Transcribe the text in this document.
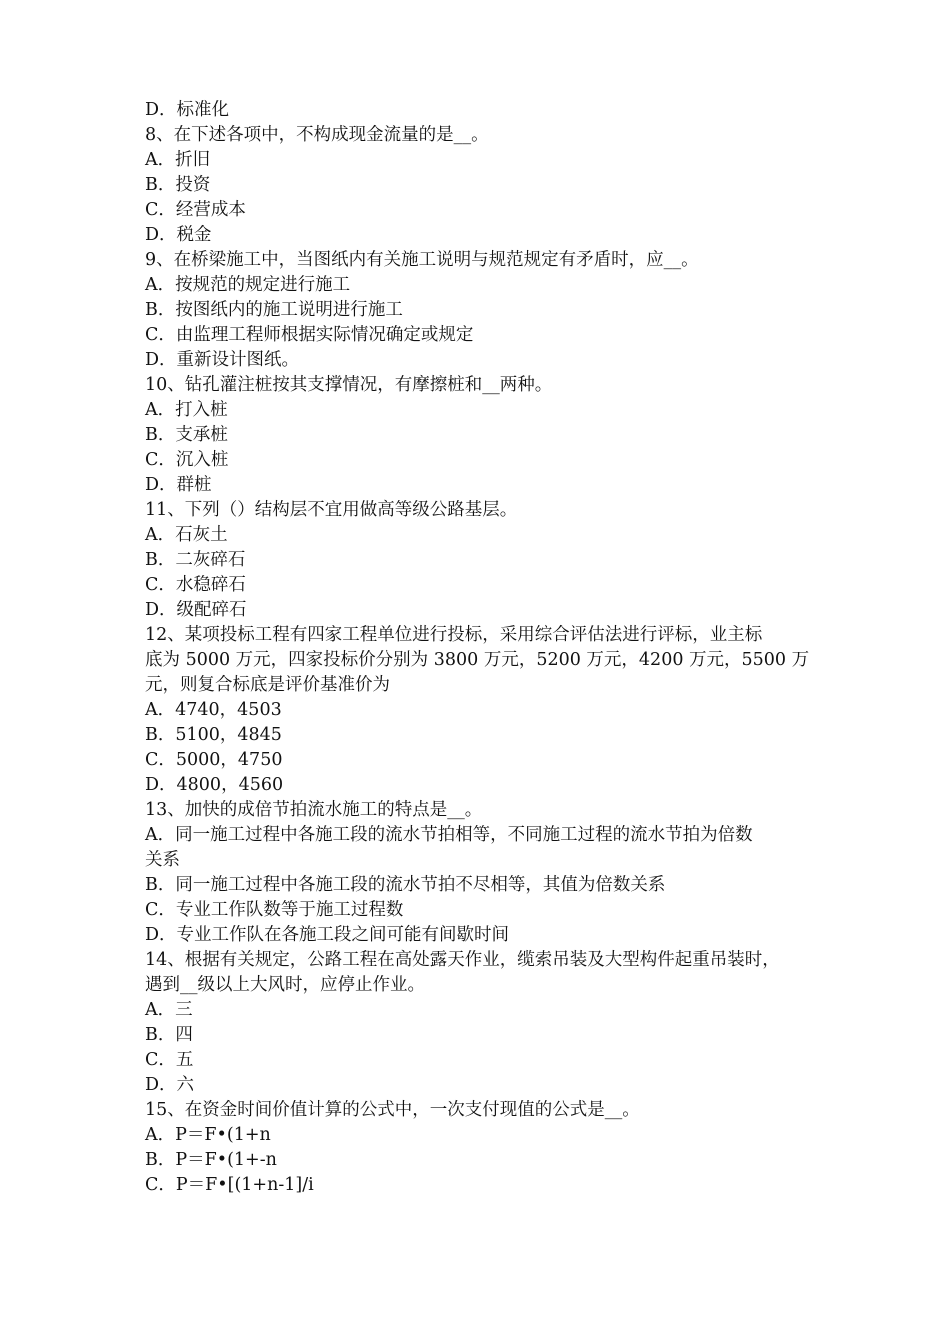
D．标准化
8、在下述各项中，不构成现金流量的是__。
A．折旧
B．投资
C．经营成本
D．税金
9、在桥梁施工中，当图纸内有关施工说明与规范规定有矛盾时，应__。
A．按规范的规定进行施工
B．按图纸内的施工说明进行施工
C．由监理工程师根据实际情况确定或规定
D．重新设计图纸。
10、钻孔灌注桩按其支撑情况，有摩擦桩和__两种。
A．打入桩
B．支承桩
C．沉入桩
D．群桩
11、下列（）结构层不宜用做高等级公路基层。
A．石灰土
B．二灰碎石
C．水稳碎石
D．级配碎石
12、某项投标工程有四家工程单位进行投标，采用综合评估法进行评标，业主标
底为 5000 万元，四家投标价分别为 3800 万元，5200 万元，4200 万元，5500 万
元，则复合标底是评价基准价为
A．4740，4503
B．5100，4845
C．5000，4750
D．4800，4560
13、加快的成倍节拍流水施工的特点是__。
A．同一施工过程中各施工段的流水节拍相等，不同施工过程的流水节拍为倍数
关系
B．同一施工过程中各施工段的流水节拍不尽相等，其值为倍数关系
C．专业工作队数等于施工过程数
D．专业工作队在各施工段之间可能有间歇时间
14、根据有关规定，公路工程在高处露天作业，缆索吊装及大型构件起重吊装时，
遇到__级以上大风时，应停止作业。
A．三
B．四
C．五
D．六
15、在资金时间价值计算的公式中，一次支付现值的公式是__。
A．P＝F•(1+n
B．P＝F•(1+-n
C．P＝F•[(1+n-1]/i
